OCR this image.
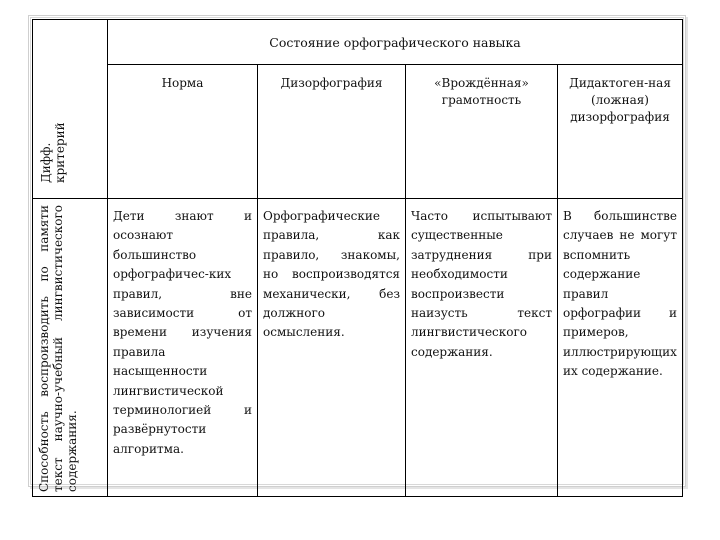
Дифф.
критерий	Состояние орфографического навыка			
	Норма	Дизорфография	«Врождённая» грамотность	Дидактоген-ная (ложная) дизорфография

Способность воспроизводить по памяти текст научно-учебный лингвистического содержания.	Дети знают и осознают большинство орфографичес-ких правил, вне зависимости от времени изучения правила насыщенности лингвистической терминологией и развёрнутости алгоритма.	Орфографические правила, как правило, знакомы, но воспроизводятся механически, без должного осмысления.	Часто испытывают существенные затруднения при необходимости воспроизвести наизусть текст лингвистического содержания.	В большинстве случаев не могут вспомнить содержание правил орфографии и примеров, иллюстрирующих их содержание.
